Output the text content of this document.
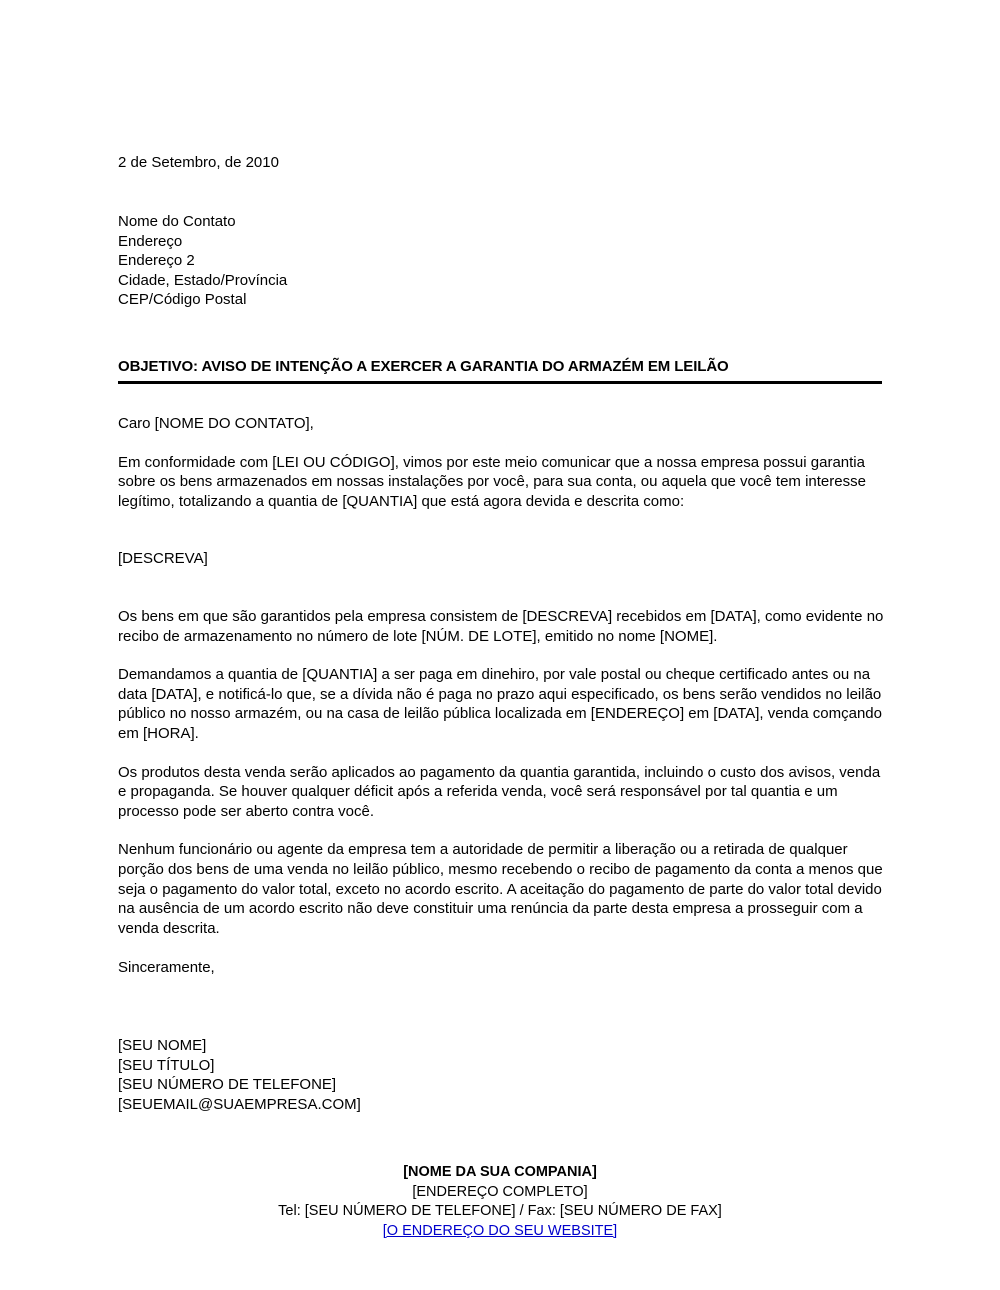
2 de Setembro, de 2010
Nome do Contato
Endereço
Endereço 2
Cidade, Estado/Província
CEP/Código Postal
OBJETIVO: AVISO DE INTENÇÃO A EXERCER A GARANTIA DO ARMAZÉM EM LEILÃO

Caro [NOME DO CONTATO],

Em conformidade com [LEI OU CÓDIGO], vimos por este meio comunicar que a nossa empresa possui garantia sobre os bens armazenados em nossas instalações por você, para sua conta, ou aquela que você tem interesse legítimo, totalizando a quantia de [QUANTIA] que está agora devida e descrita como:

[DESCREVA]

Os bens em que são garantidos pela empresa consistem de [DESCREVA] recebidos em [DATA], como evidente no recibo de armazenamento no número de lote [NÚM. DE LOTE], emitido no nome [NOME].

Demandamos a quantia de [QUANTIA] a ser paga em dinehiro, por vale postal ou cheque certificado antes ou na data [DATA], e notificá-lo que, se a dívida não é paga no prazo aqui especificado, os bens serão vendidos no leilão público no nosso armazém, ou na casa de leilão pública localizada em [ENDEREÇO] em [DATA], venda comçando em [HORA].

Os produtos desta venda serão aplicados ao pagamento da quantia garantida, incluindo o custo dos avisos, venda e propaganda. Se houver qualquer déficit após a referida venda, você será responsável por tal quantia e um processo pode ser aberto contra você.

Nenhum funcionário ou agente da empresa tem a autoridade de permitir a liberação ou a retirada de qualquer porção dos bens de uma venda no leilão público, mesmo recebendo o recibo de pagamento da conta a menos que seja o pagamento do valor total, exceto no acordo escrito. A aceitação do pagamento de parte do valor total devido na ausência de um acordo escrito não deve constituir uma renúncia da parte desta empresa a prosseguir com a venda descrita.

Sinceramente,
[SEU NOME]
[SEU TÍTULO]
[SEU NÚMERO DE TELEFONE]
[SEUEMAIL@SUAEMPRESA.COM]
[NOME DA SUA COMPANIA]
[ENDEREÇO COMPLETO]
Tel: [SEU NÚMERO DE TELEFONE] / Fax: [SEU NÚMERO DE FAX]
[O ENDEREÇO DO SEU WEBSITE]
